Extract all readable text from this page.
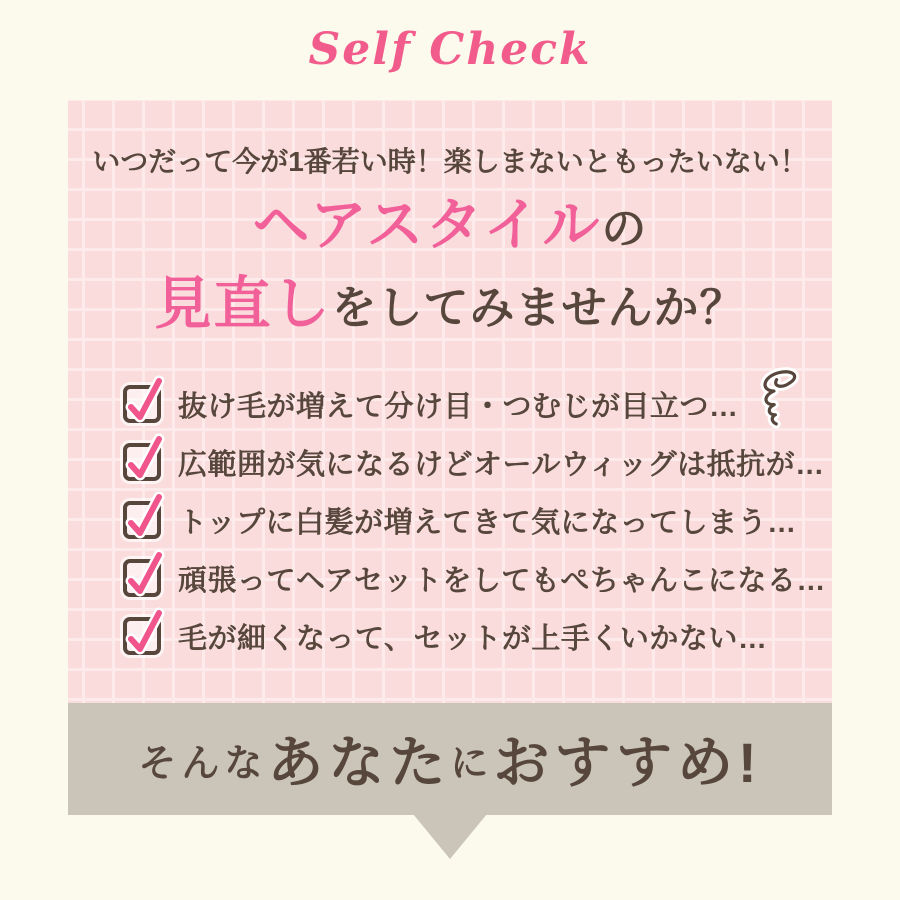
Self Check

いつだって今が1番若い時！楽しまないともったいない！

ヘアスタイルの
見直しをしてみませんか？
抜け毛が増えて分け目・つむじが目立つ…
広範囲が気になるけどオールウィッグは抵抗が…
トップに白髪が増えてきて気になってしまう…
頑張ってヘアセットをしてもぺちゃんこになる…
毛が細くなって、セットが上手くいかない…
そんな あなた に おすすめ!
